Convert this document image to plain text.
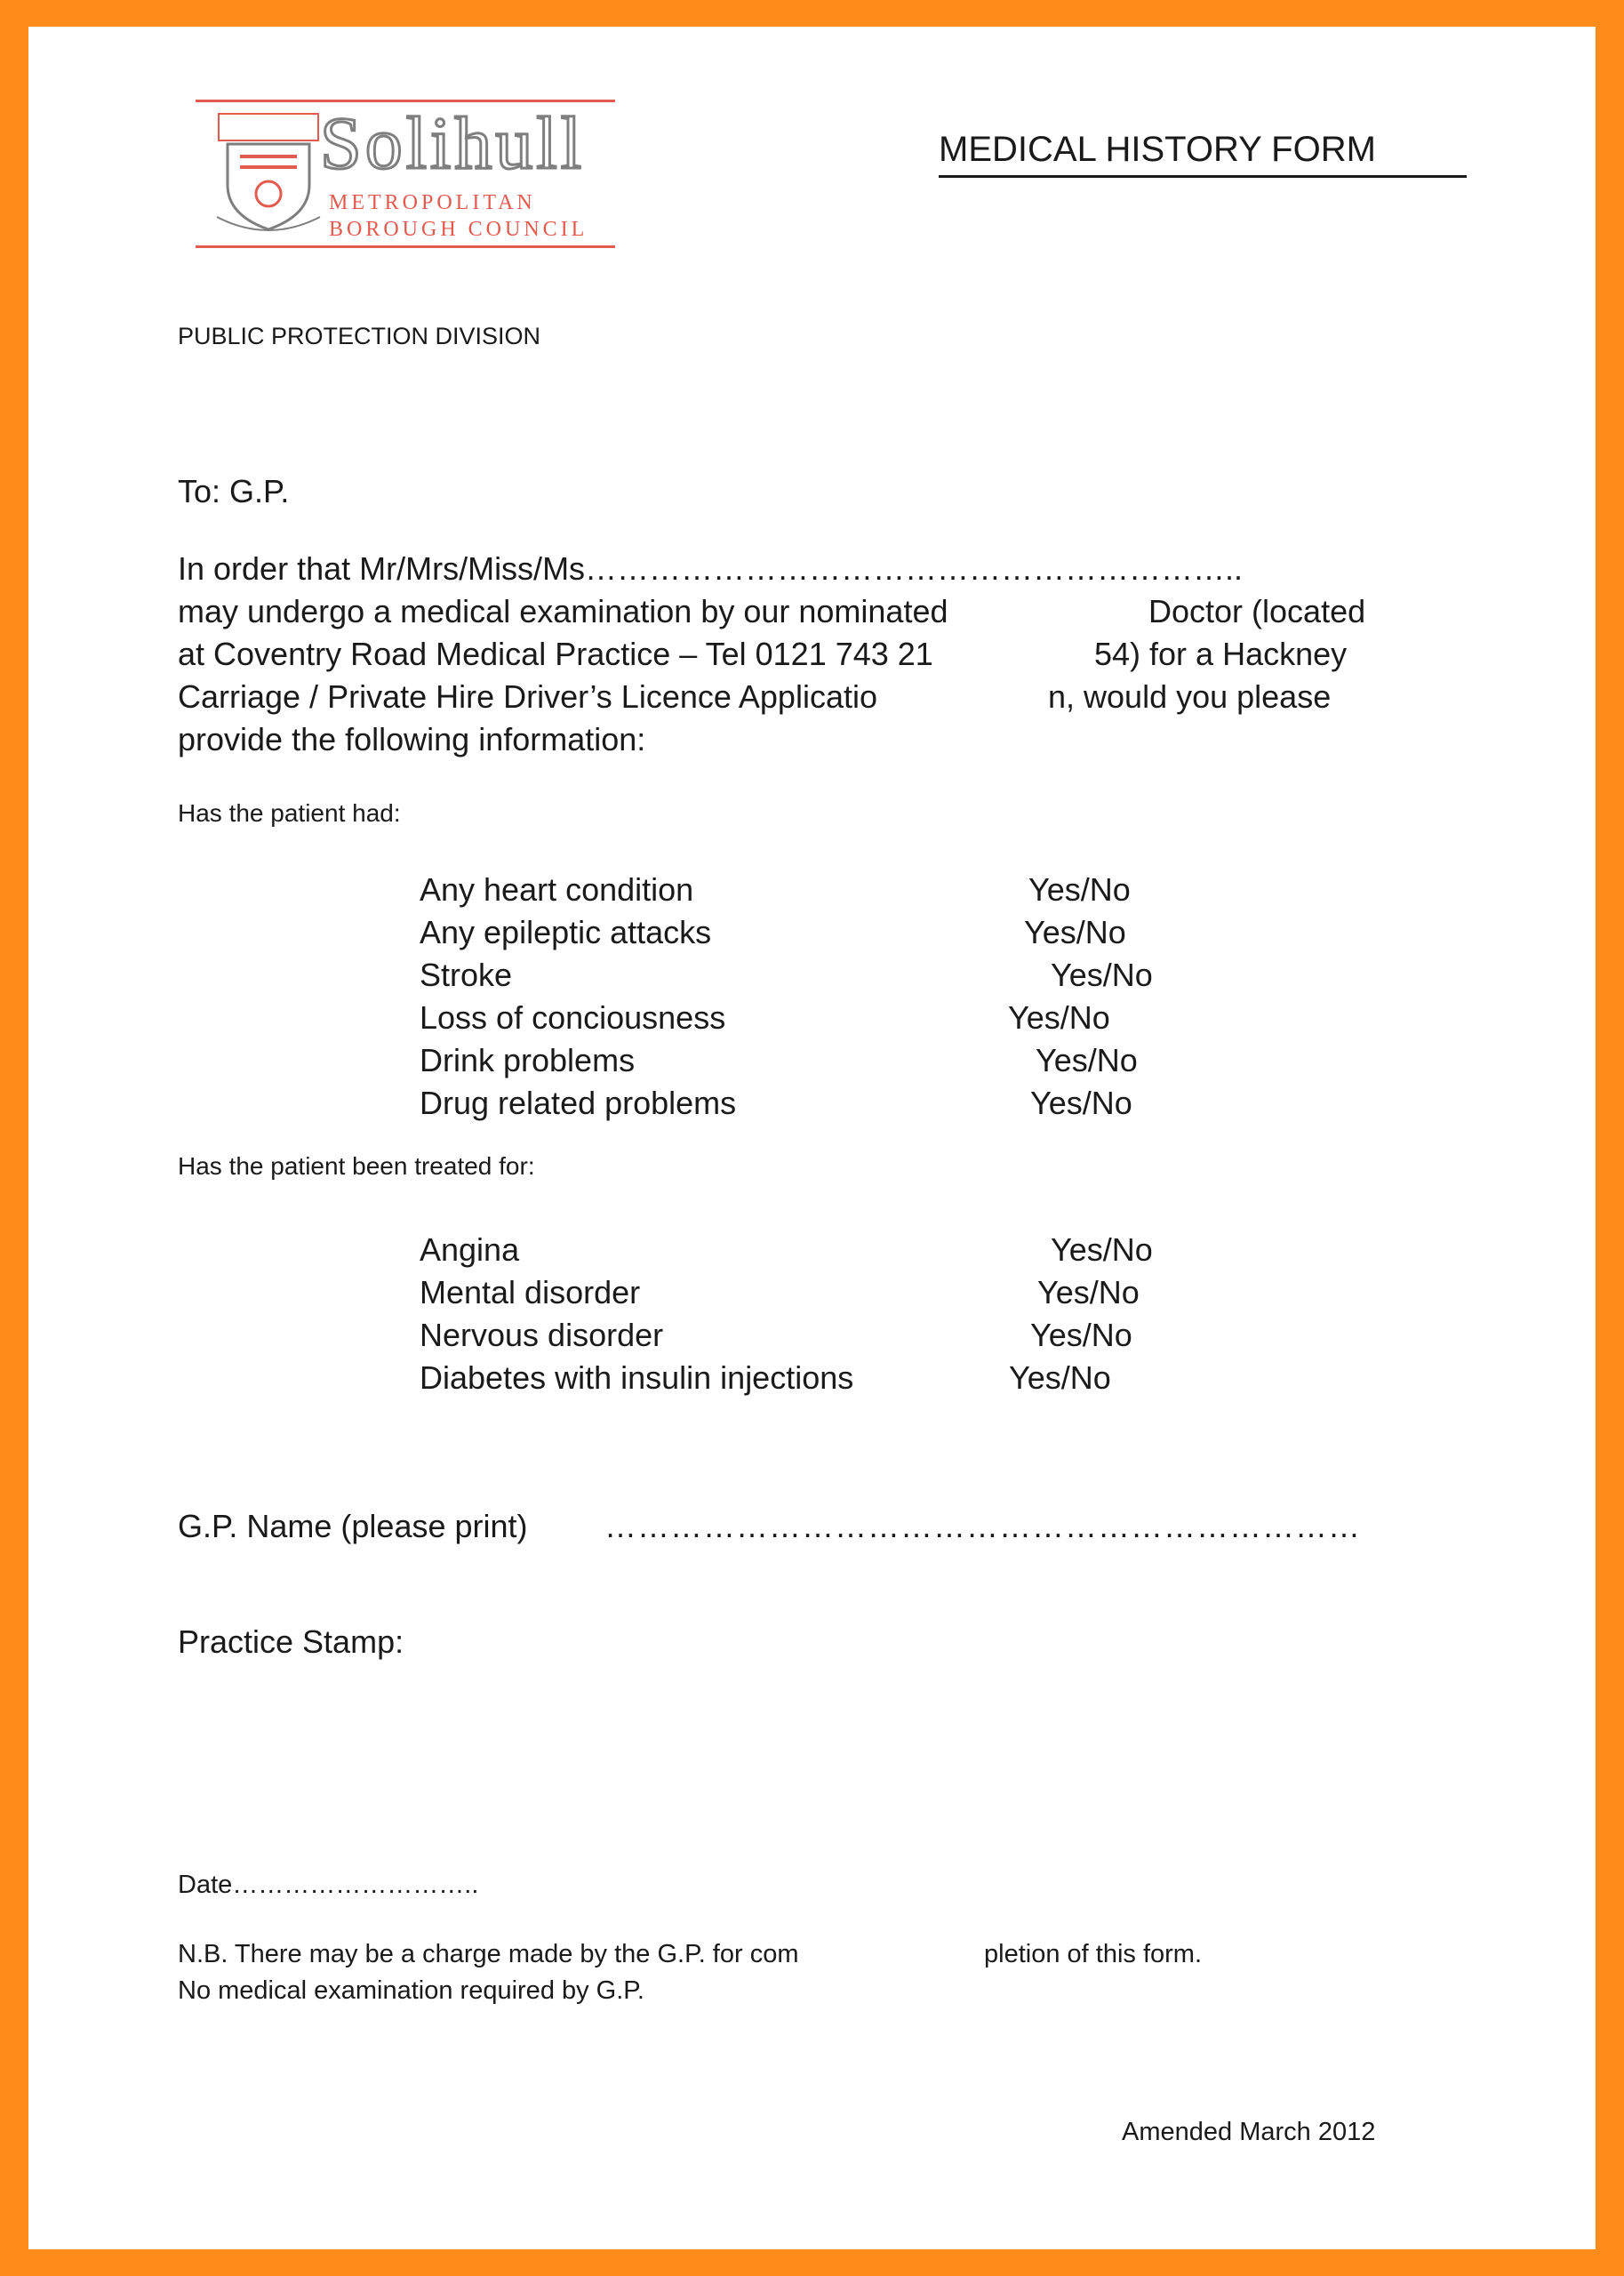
Solihull
METROPOLITAN
BOROUGH COUNCIL

MEDICAL HISTORY FORM

PUBLIC PROTECTION DIVISION

To: G.P.

In order that Mr/Mrs/Miss/Ms……………………………………………………..

may undergo a medical examination by our nominated	Doctor (located

at Coventry Road Medical Practice – Tel 0121 743 21	54) for a Hackney

Carriage / Private Hire Driver’s Licence Applicatio	n, would you please

provide the following information:

Has the patient had:

Any heart condition	Yes/No

Any epileptic attacks	Yes/No

Stroke	Yes/No

Loss of conciousness	Yes/No

Drink problems	Yes/No

Drug related problems	Yes/No

Has the patient been treated for:

Angina	Yes/No

Mental disorder	Yes/No

Nervous disorder	Yes/No

Diabetes with insulin injections	Yes/No

G.P. Name (please print) ……………………………………………………………

Practice Stamp:

Date………………………..

N.B. There may be a charge made by the G.P. for com	pletion of this form.

No medical examination required by G.P.

Amended March 2012
